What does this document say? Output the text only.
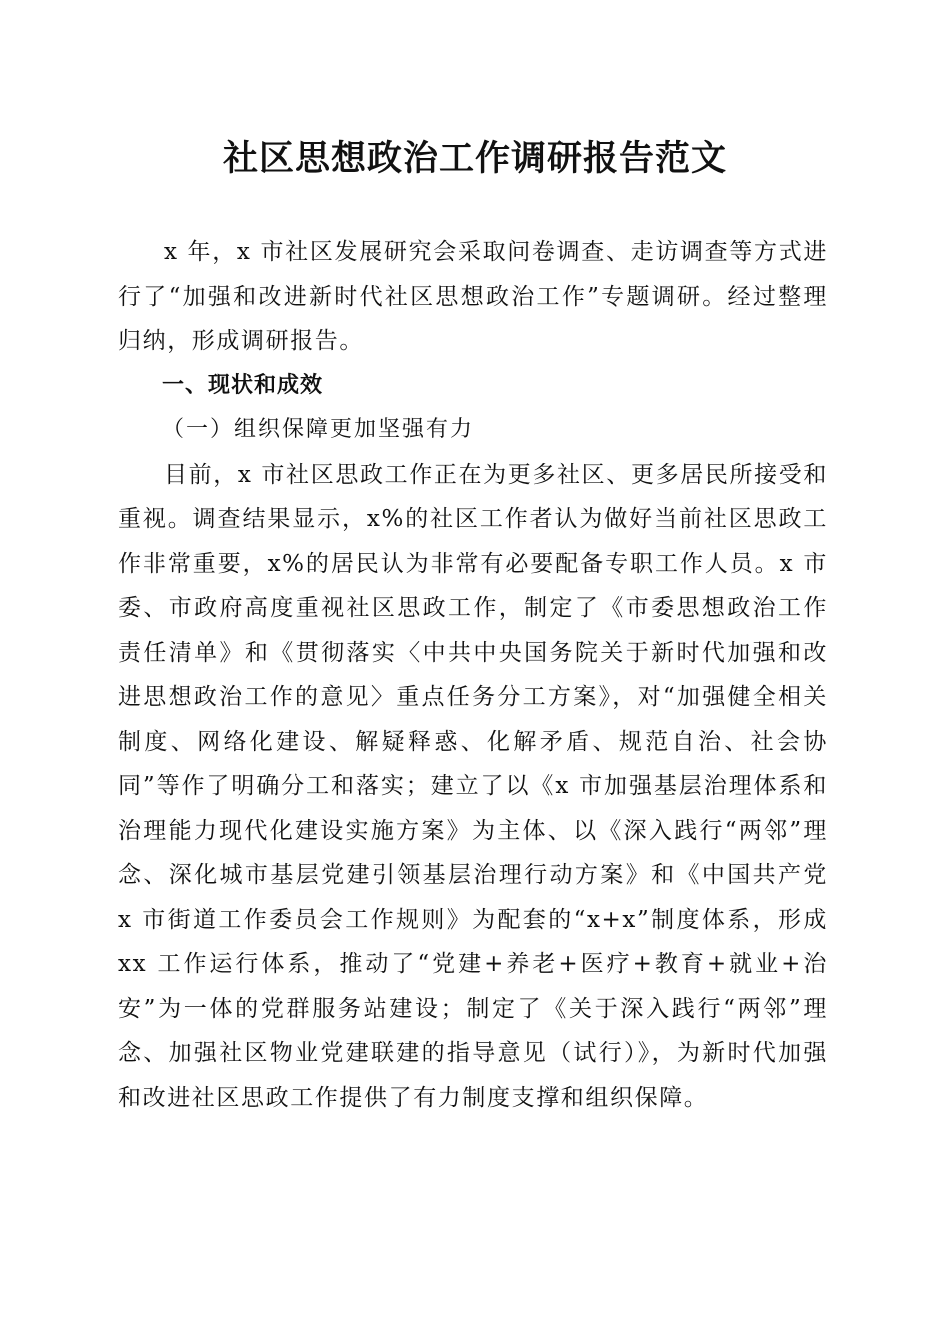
社区思想政治工作调研报告范文

x 年，x 市社区发展研究会采取问卷调查、走访调查等方式进行了“加强和改进新时代社区思想政治工作”专题调研。经过整理归纳，形成调研报告。

一、现状和成效

（一）组织保障更加坚强有力

目前，x 市社区思政工作正在为更多社区、更多居民所接受和重视。调查结果显示，x%的社区工作者认为做好当前社区思政工作非常重要，x%的居民认为非常有必要配备专职工作人员。x 市委、市政府高度重视社区思政工作，制定了《市委思想政治工作责任清单》和《贯彻落实〈中共中央国务院关于新时代加强和改进思想政治工作的意见〉重点任务分工方案》，对“加强健全相关制度、网络化建设、解疑释惑、化解矛盾、规范自治、社会协同”等作了明确分工和落实；建立了以《x 市加强基层治理体系和治理能力现代化建设实施方案》为主体、以《深入践行“两邻”理念、深化城市基层党建引领基层治理行动方案》和《中国共产党 x 市街道工作委员会工作规则》为配套的“x+x”制度体系，形成 xx 工作运行体系，推动了“党建+养老+医疗+教育+就业+治安”为一体的党群服务站建设；制定了《关于深入践行“两邻”理念、加强社区物业党建联建的指导意见（试行）》，为新时代加强和改进社区思政工作提供了有力制度支撑和组织保障。
